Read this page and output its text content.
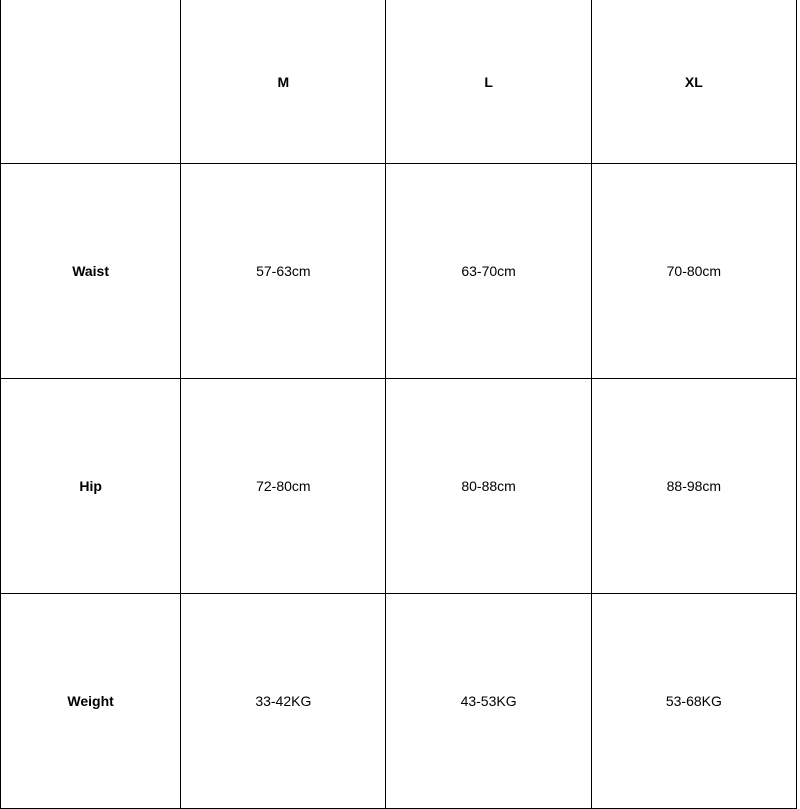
	M	L	XL
Waist	57-63cm	63-70cm	70-80cm
Hip	72-80cm	80-88cm	88-98cm
Weight	33-42KG	43-53KG	53-68KG
